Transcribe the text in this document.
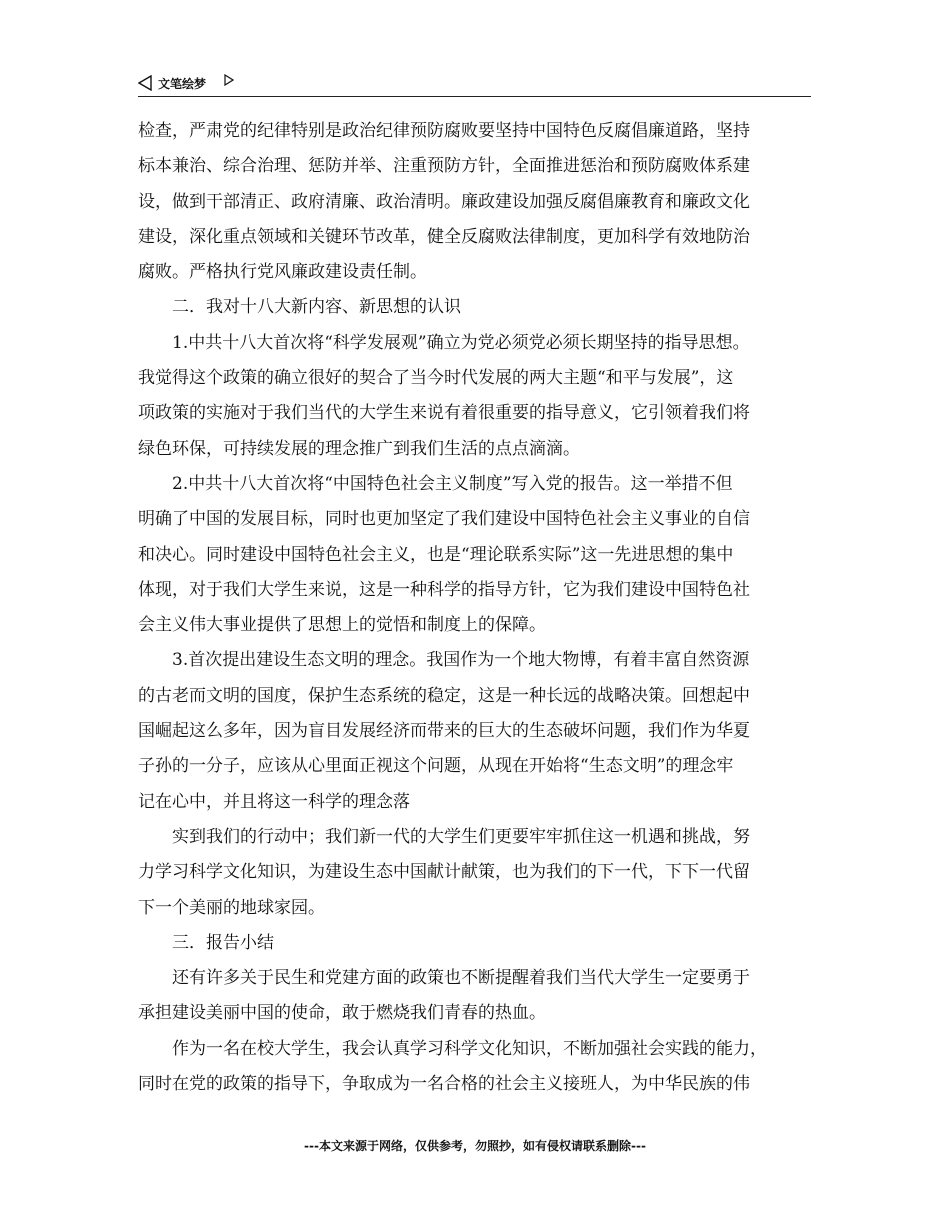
文笔绘梦
检查，严肃党的纪律特别是政治纪律预防腐败要坚持中国特色反腐倡廉道路，坚持
标本兼治、综合治理、惩防并举、注重预防方针，全面推进惩治和预防腐败体系建
设，做到干部清正、政府清廉、政治清明。廉政建设加强反腐倡廉教育和廉政文化
建设，深化重点领域和关键环节改革，健全反腐败法律制度，更加科学有效地防治
腐败。严格执行党风廉政建设责任制。
　　二．我对十八大新内容、新思想的认识
　　1.中共十八大首次将“科学发展观”确立为党必须党必须长期坚持的指导思想。
我觉得这个政策的确立很好的契合了当今时代发展的两大主题“和平与发展”，这
项政策的实施对于我们当代的大学生来说有着很重要的指导意义，它引领着我们将
绿色环保，可持续发展的理念推广到我们生活的点点滴滴。
　　2.中共十八大首次将“中国特色社会主义制度”写入党的报告。这一举措不但
明确了中国的发展目标，同时也更加坚定了我们建设中国特色社会主义事业的自信
和决心。同时建设中国特色社会主义，也是“理论联系实际”这一先进思想的集中
体现，对于我们大学生来说，这是一种科学的指导方针，它为我们建设中国特色社
会主义伟大事业提供了思想上的觉悟和制度上的保障。
　　3.首次提出建设生态文明的理念。我国作为一个地大物博，有着丰富自然资源
的古老而文明的国度，保护生态系统的稳定，这是一种长远的战略决策。回想起中
国崛起这么多年，因为盲目发展经济而带来的巨大的生态破坏问题，我们作为华夏
子孙的一分子，应该从心里面正视这个问题，从现在开始将“生态文明”的理念牢
记在心中，并且将这一科学的理念落
　　实到我们的行动中；我们新一代的大学生们更要牢牢抓住这一机遇和挑战，努
力学习科学文化知识，为建设生态中国献计献策，也为我们的下一代，下下一代留
下一个美丽的地球家园。
　　三．报告小结
　　还有许多关于民生和党建方面的政策也不断提醒着我们当代大学生一定要勇于
承担建设美丽中国的使命，敢于燃烧我们青春的热血。
　　作为一名在校大学生，我会认真学习科学文化知识，不断加强社会实践的能力，
同时在党的政策的指导下，争取成为一名合格的社会主义接班人，为中华民族的伟
---本文来源于网络，仅供参考，勿照抄，如有侵权请联系删除---
